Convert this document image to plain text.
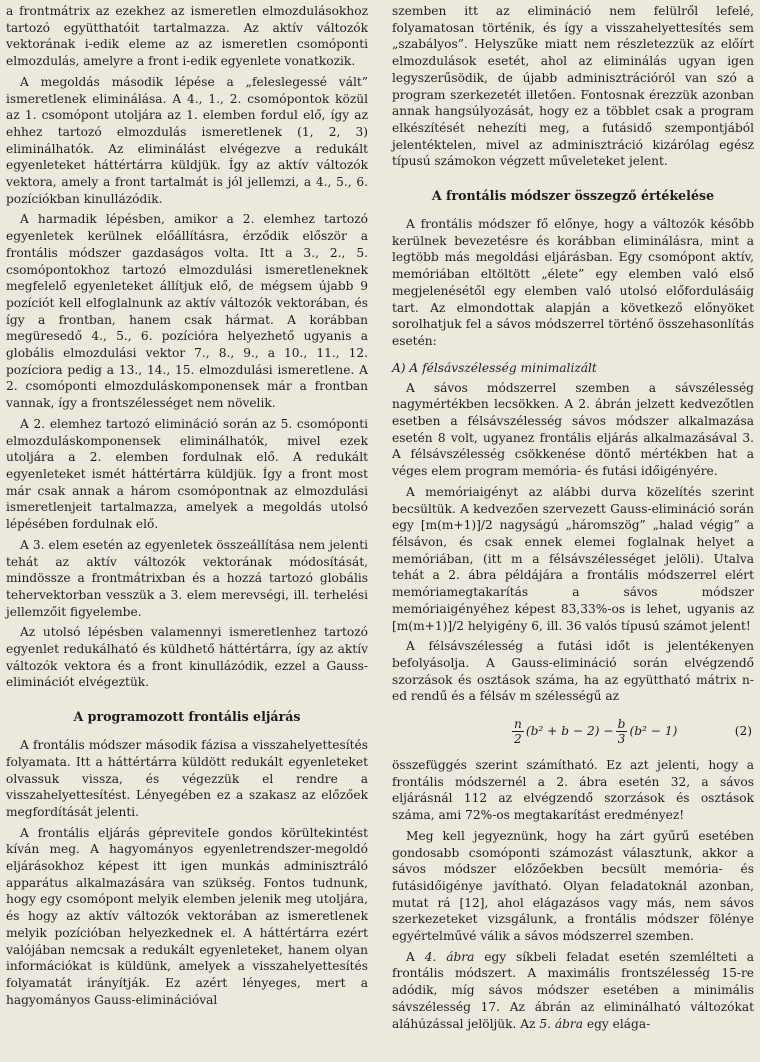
a frontmátrix az ezekhez az ismeretlen elmozdulásokhoz tartozó együtthatóit tartalmazza. Az aktív változók vektorának i-edik eleme az az ismeretlen csomóponti elmozdulás, amelyre a front i-edik egyenlete vonatkozik.

A megoldás második lépése a „feleslegessé vált” ismeretlenek eliminálása. A 4., 1., 2. csomópontok közül az 1. csomópont utoljára az 1. elemben fordul elő, így az ehhez tartozó elmozdulás ismeretlenek (1, 2, 3) eliminálhatók. Az eliminálást elvégezve a redukált egyenleteket háttértárra küldjük. Így az aktív változók vektora, amely a front tartalmát is jól jellemzi, a 4., 5., 6. pozíciókban kinullázódik.

A harmadik lépésben, amikor a 2. elemhez tartozó egyenletek kerülnek előállításra, érződik először a frontális módszer gazdaságos volta. Itt a 3., 2., 5. csomópontokhoz tartozó elmozdulási ismeretleneknek megfelelő egyenleteket állítjuk elő, de mégsem újabb 9 pozíciót kell elfoglalnunk az aktív változók vektorában, és így a frontban, hanem csak hármat. A korábban megüresedő 4., 5., 6. pozícióra helyezhető ugyanis a globális elmozdulási vektor 7., 8., 9., a 10., 11., 12. pozíciora pedig a 13., 14., 15. elmozdulási ismeretlene. A 2. csomóponti elmozduláskomponensek már a frontban vannak, így a frontszélességet nem növelik.

A 2. elemhez tartozó elimináció során az 5. csomóponti elmozduláskomponensek eliminálhatók, mivel ezek utoljára a 2. elemben fordulnak elő. A redukált egyenleteket ismét háttértárra küldjük. Így a front most már csak annak a három csomópontnak az elmozdulási ismeretlenjeit tartalmazza, amelyek a megoldás utolsó lépésében fordulnak elő.

A 3. elem esetén az egyenletek összeállítása nem jelenti tehát az aktív változók vektorának módosítását, mindössze a frontmátrixban és a hozzá tartozó globális tehervektorban vesszük a 3. elem merevségi, ill. terhelési jellemzőit figyelembe.

Az utolsó lépésben valamennyi ismeretlenhez tartozó egyenlet redukálható és küldhető háttértárra, így az aktív változók vektora és a front kinullázódik, ezzel a Gauss-eliminációt elvégeztük.

A programozott frontális eljárás

A frontális módszer második fázisa a visszahelyettesítés folyamata. Itt a háttértárra küldött redukált egyenleteket olvassuk vissza, és végezzük el rendre a visszahelyettesítést. Lényegében ez a szakasz az előzőek megfordítását jelenti.

A frontális eljárás gépreviteIe gondos körültekintést kíván meg. A hagyományos egyenletrendszer-megoldó eljárásokhoz képest itt igen munkás adminisztráló apparátus alkalmazására van szükség. Fontos tudnunk, hogy egy csomópont melyik elemben jelenik meg utoljára, és hogy az aktív változók vektorában az ismeretlenek melyik pozícióban helyezkednek el. A háttértárra ezért valójában nemcsak a redukált egyenleteket, hanem olyan információkat is küldünk, amelyek a visszahelyettesítés folyamatát irányítják. Ez azért lényeges, mert a hagyományos Gauss-eliminációval

szemben itt az elimináció nem felülről lefelé, folyamatosan történik, és így a visszahelyettesítés sem „szabályos”. Helyszűke miatt nem részletezzük az előírt elmozdulások esetét, ahol az eliminálás ugyan igen legyszerűsödik, de újabb adminisztrációról van szó a program szerkezetét illetően. Fontosnak érezzük azonban annak hangsúlyozását, hogy ez a többlet csak a program elkészítését nehezíti meg, a futásidő szempontjából jelentéktelen, mivel az adminisztráció kizárólag egész típusú számokon végzett műveleteket jelent.

A frontális módszer összegző értékelése

A frontális módszer fő előnye, hogy a változók később kerülnek bevezetésre és korábban eliminálásra, mint a legtöbb más megoldási eljárásban. Egy csomópont aktív, memóriában eltöltött „élete” egy elemben való első megjelenésétől egy elemben való utolsó előfordulásáig tart. Az elmondottak alapján a következő előnyöket sorolhatjuk fel a sávos módszerrel történő összehasonlítás esetén:

A) A félsávszélesség minimalizált

A sávos módszerrel szemben a sávszélesség nagymértékben lecsökken. A 2. ábrán jelzett kedvezőtlen esetben a félsávszélesség sávos módszer alkalmazása esetén 8 volt, ugyanez frontális eljárás alkalmazásával 3. A félsávszélesség csökkenése döntő mértékben hat a véges elem program memória- és futási időigényére.

A memóriaigényt az alábbi durva közelítés szerint becsültük. A kedvezően szervezett Gauss-elimináció során egy [m(m+1)]/2 nagyságú „háromszög” „halad végig” a félsávon, és csak ennek elemei foglalnak helyet a memóriában, (itt m a félsávszélességet jelöli). Utalva tehát a 2. ábra példájára a frontális módszerrel elért memóriamegtakarítás a sávos módszer memóriaigényéhez képest 83,33%-os is lehet, ugyanis az [m(m+1)]/2 helyigény 6, ill. 36 valós típusú számot jelent!

A félsávszélesség a futási időt is jelentékenyen befolyásolja. A Gauss-elimináció során elvégzendő szorzások és osztások száma, ha az együttható mátrix n-ed rendű és a félsáv m szélességű az

$\frac{n}{2} (b^2 + b - 2) - \frac{b}{3} (b^2 - 1)$	(2)

összefüggés szerint számítható. Ez azt jelenti, hogy a frontális módszernél a 2. ábra esetén 32, a sávos eljárásnál 112 az elvégzendő szorzások és osztások száma, ami 72%-os megtakarítást eredményez!

Meg kell jegyeznünk, hogy ha zárt gyűrű esetében gondosabb csomóponti számozást választunk, akkor a sávos módszer előzőekben becsült memória- és futásidőigénye javítható. Olyan feladatoknál azonban, mutat rá [12], ahol elágazásos vagy más, nem sávos szerkezeteket vizsgálunk, a frontális módszer fölénye egyértelművé válik a sávos módszerrel szemben.

A 4. ábra egy síkbeli feladat esetén szemlélteti a frontális módszert. A maximális frontszélesség 15-re adódik, míg sávos módszer esetében a minimális sávszélesség 17. Az ábrán az eliminálható változókat aláhúzással jelöljük. Az 5. ábra egy elága-
